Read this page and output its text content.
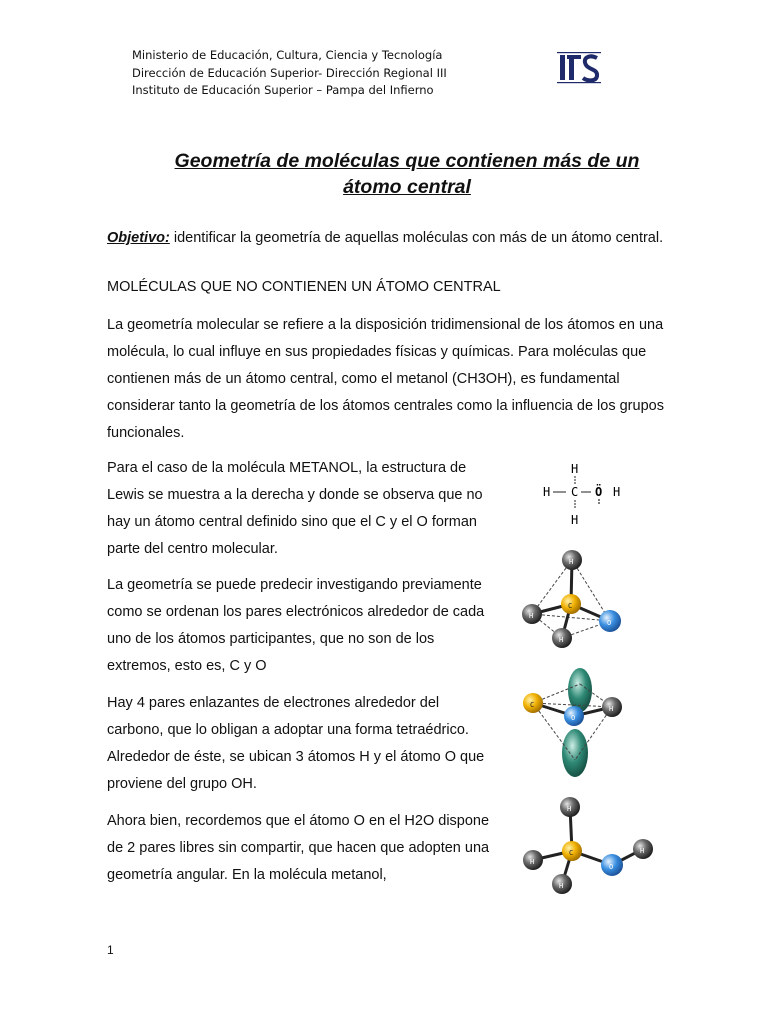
Ministerio de Educación, Cultura, Ciencia y Tecnología
Dirección de Educación Superior- Dirección Regional III
Instituto de Educación Superior – Pampa del Infierno
Geometría de moléculas que contienen más de un
átomo central
Objetivo: identificar la geometría de aquellas moléculas con más de un átomo central.
MOLÉCULAS QUE NO CONTIENEN UN ÁTOMO CENTRAL
La geometría molecular se refiere a la disposición tridimensional de los átomos en una molécula, lo cual influye en sus propiedades físicas y químicas. Para moléculas que contienen más de un átomo central, como el metanol (CH3OH), es fundamental considerar tanto la geometría de los átomos centrales como la influencia de los grupos funcionales.
Para el caso de la molécula METANOL, la estructura de Lewis se muestra a la derecha y donde se observa que no hay un átomo central definido sino que el C y el O forman parte del centro molecular.
La geometría se puede predecir investigando previamente como se ordenan los pares electrónicos alrededor de cada uno de los átomos participantes, que no son de los extremos, esto es, C y O
Hay 4 pares enlazantes de electrones alrededor del carbono, que lo obligan a adoptar una forma tetraédrico. Alrededor de éste, se ubican 3 átomos H y el átomo O que proviene del grupo OH.
Ahora bien, recordemos que el átomo O en el H2O dispone de 2 pares libres sin compartir, que hacen que adopten una geometría angular. En la molécula metanol,
H
H C Ö H
H
H
H
H
C
O
C	H
O
H
H
H
H
C
O
1
